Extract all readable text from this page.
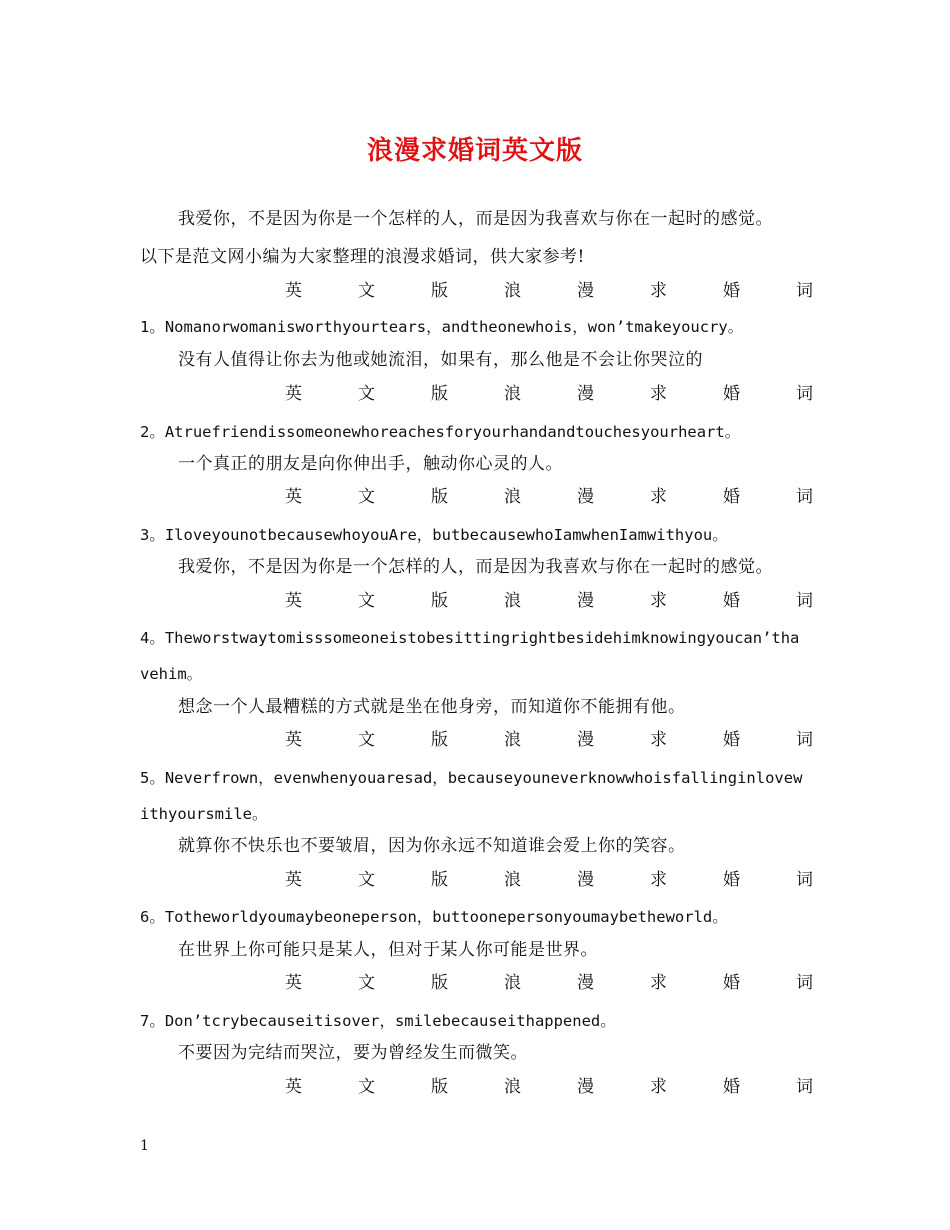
浪漫求婚词英文版
我爱你，不是因为你是一个怎样的人，而是因为我喜欢与你在一起时的感觉。
以下是范文网小编为大家整理的浪漫求婚词，供大家参考!
英	文	版	浪	漫	求	婚	词
1。Nomanorwomanisworthyourtears，andtheonewhois，won’tmakeyoucry。
没有人值得让你去为他或她流泪，如果有，那么他是不会让你哭泣的
英	文	版	浪	漫	求	婚	词
2。Atruefriendissomeonewhoreachesforyourhandandtouchesyourheart。
一个真正的朋友是向你伸出手，触动你心灵的人。
英	文	版	浪	漫	求	婚	词
3。IloveyounotbecausewhoyouAre，butbecausewhoIamwhenIamwithyou。
我爱你，不是因为你是一个怎样的人，而是因为我喜欢与你在一起时的感觉。
英	文	版	浪	漫	求	婚	词
4。Theworstwaytomisssomeoneistobesittingrightbesidehimknowingyoucan’tha
vehim。
想念一个人最糟糕的方式就是坐在他身旁，而知道你不能拥有他。
英	文	版	浪	漫	求	婚	词
5。Neverfrown，evenwhenyouaresad，becauseyouneverknowwhoisfallinginlovew
ithyoursmile。
就算你不快乐也不要皱眉，因为你永远不知道谁会爱上你的笑容。
英	文	版	浪	漫	求	婚	词
6。Totheworldyoumaybeoneperson，buttoonepersonyoumaybetheworld。
在世界上你可能只是某人，但对于某人你可能是世界。
英	文	版	浪	漫	求	婚	词
7。Don’tcrybecauseitisover，smilebecauseithappened。
不要因为完结而哭泣，要为曾经发生而微笑。
英	文	版	浪	漫	求	婚	词
1
